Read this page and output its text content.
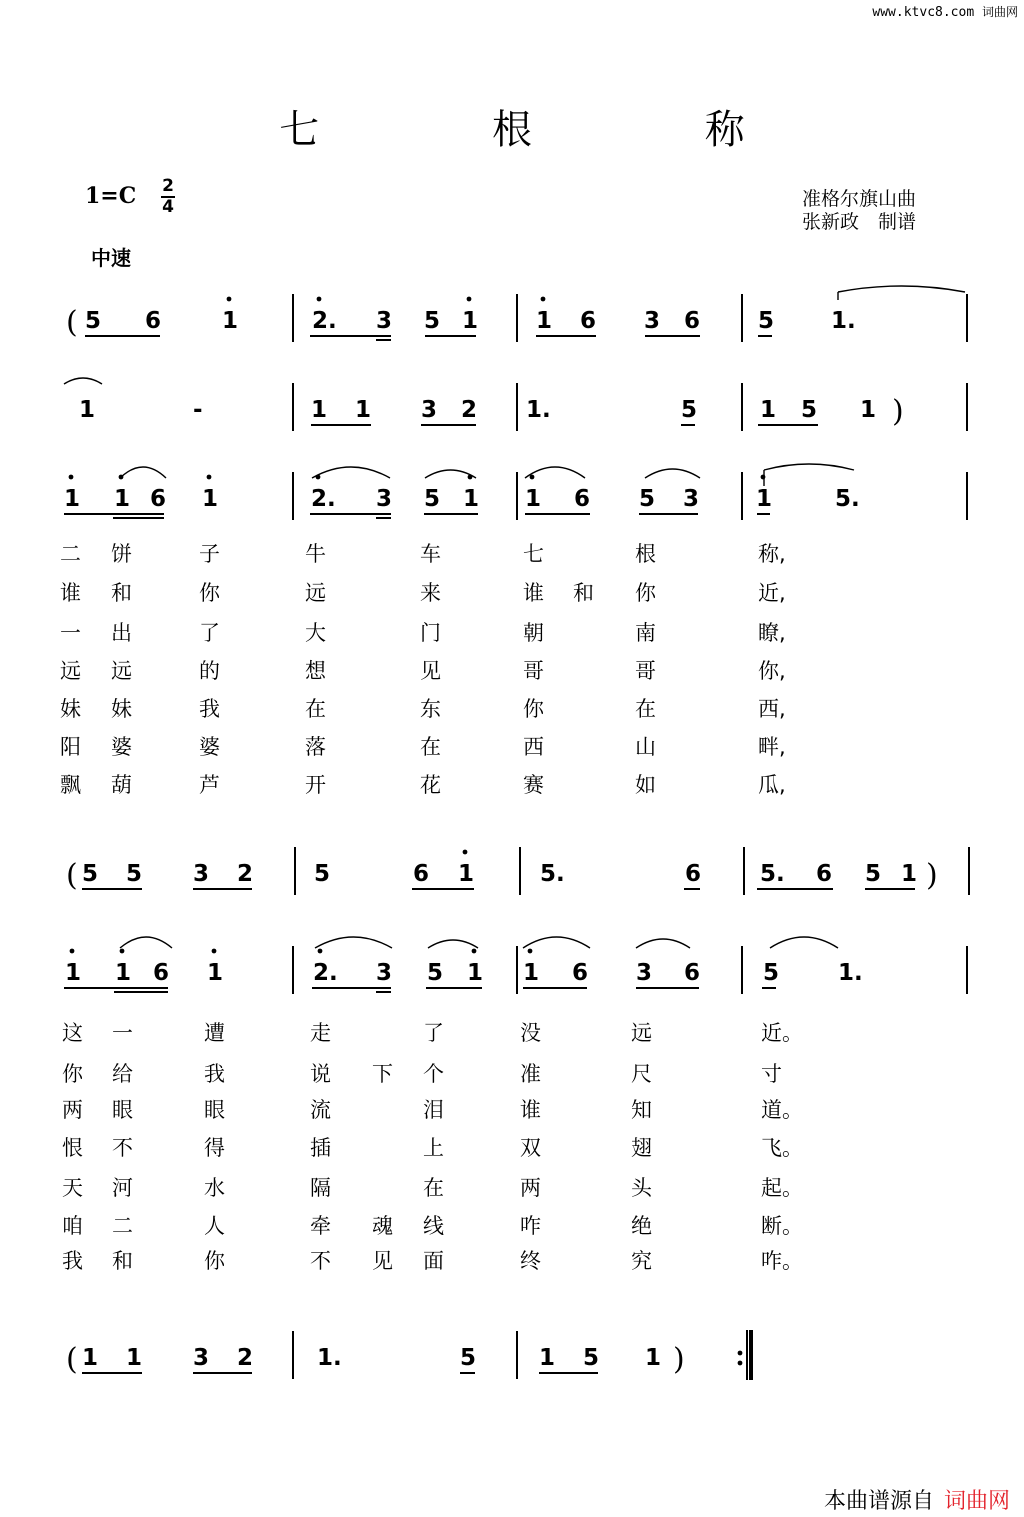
www.ktvc8.com 词曲网
七 根 称
1=C 2
4	准格尔旗山曲
张新政　制谱
中速
( 5 6	1	2. 3 5 1	1 6 3 6	5 1.
1	-	1 1 3 2 1.	5	1 5 1 )
1 1 6 1	2. 3 5 1 1 6 5 3 1	5.
( 5 5 3 2	5	6 1	5.	6	5. 6 5 1 )
1 1 6 1	2. 3 5 1 1 6 3 6	5	1.
( 1 1 3 2	1.	5	1 5 1 )
二 饼	子	牛	车	七	根	称,
谁 和	你	远	来	谁 和 你	近,
一 出	了	大	门	朝	南	瞭,
远 远	的	想	见	哥	哥	你,
妹 妹	我	在	东	你	在	西,
阳 婆	婆	落	在	西	山	畔,
飘 葫	芦	开	花	赛	如	瓜,
这 一	遭	走	了	没	远	近。
你 给	我	说 下 个	准	尺	寸
两 眼	眼	流	泪	谁	知	道。
恨 不	得	插	上	双	翅	飞。
天 河	水	隔	在	两	头	起。
咱 二	人	牵 魂 线	咋	绝	断。
我 和	你	不 见 面	终	究	咋。
本曲谱源自 词曲网
